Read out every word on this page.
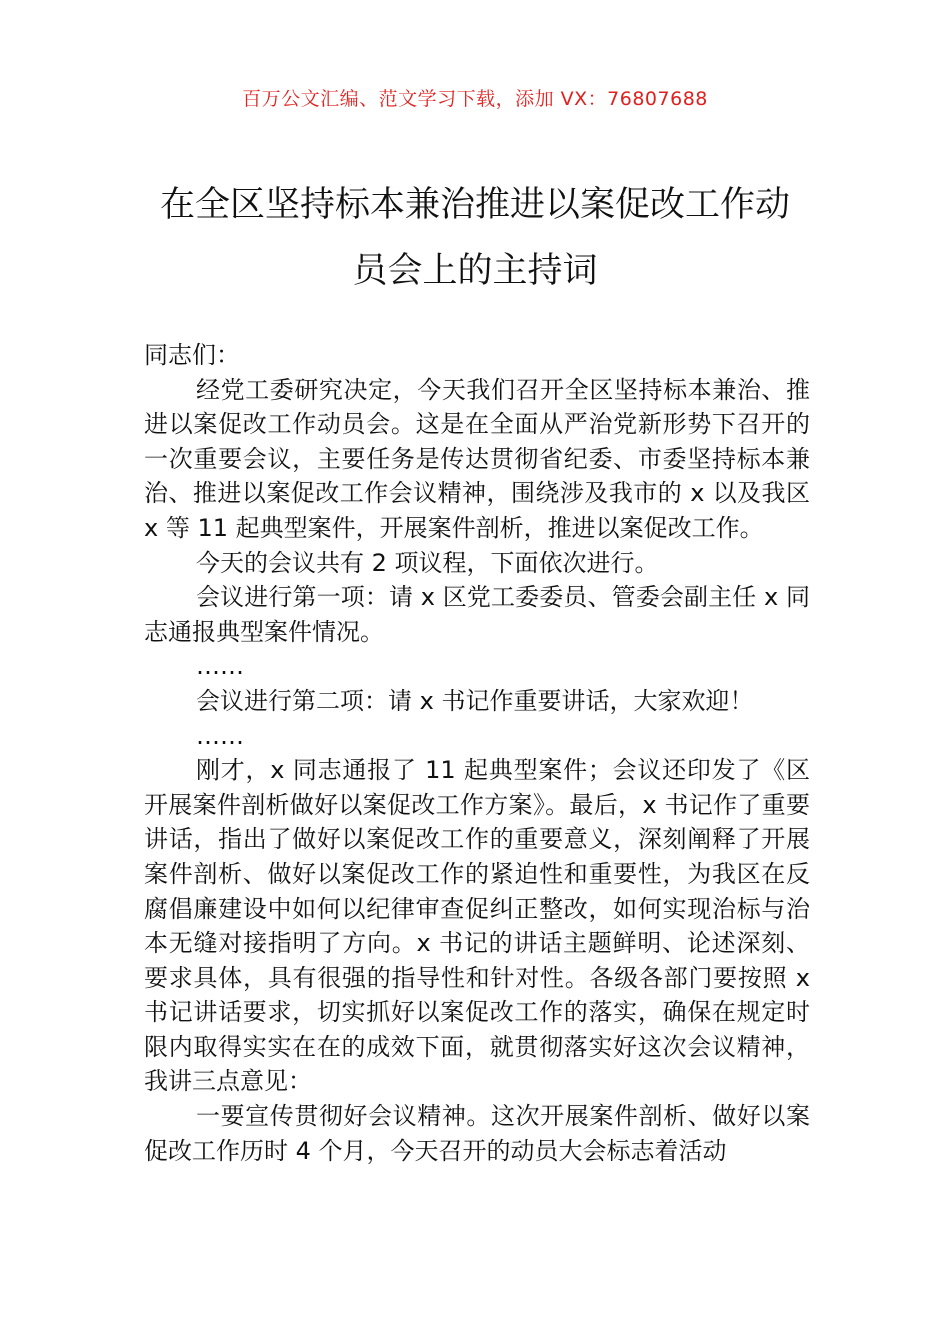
百万公文汇编、范文学习下载，添加 VX：76807688
在全区坚持标本兼治推进以案促改工作动
员会上的主持词

同志们：

经党工委研究决定，今天我们召开全区坚持标本兼治、推进以案促改工作动员会。这是在全面从严治党新形势下召开的一次重要会议，主要任务是传达贯彻省纪委、市委坚持标本兼治、推进以案促改工作会议精神，围绕涉及我市的 x 以及我区 x 等 11 起典型案件，开展案件剖析，推进以案促改工作。

今天的会议共有 2 项议程，下面依次进行。

会议进行第一项：请 x 区党工委委员、管委会副主任 x 同志通报典型案件情况。

……

会议进行第二项：请 x 书记作重要讲话，大家欢迎！

……

刚才，x 同志通报了 11 起典型案件；会议还印发了《区开展案件剖析做好以案促改工作方案》。最后，x 书记作了重要讲话，指出了做好以案促改工作的重要意义，深刻阐释了开展案件剖析、做好以案促改工作的紧迫性和重要性，为我区在反腐倡廉建设中如何以纪律审查促纠正整改，如何实现治标与治本无缝对接指明了方向。x 书记的讲话主题鲜明、论述深刻、要求具体，具有很强的指导性和针对性。各级各部门要按照 x 书记讲话要求，切实抓好以案促改工作的落实，确保在规定时限内取得实实在在的成效下面，就贯彻落实好这次会议精神，我讲三点意见：

一要宣传贯彻好会议精神。这次开展案件剖析、做好以案促改工作历时 4 个月，今天召开的动员大会标志着活动
